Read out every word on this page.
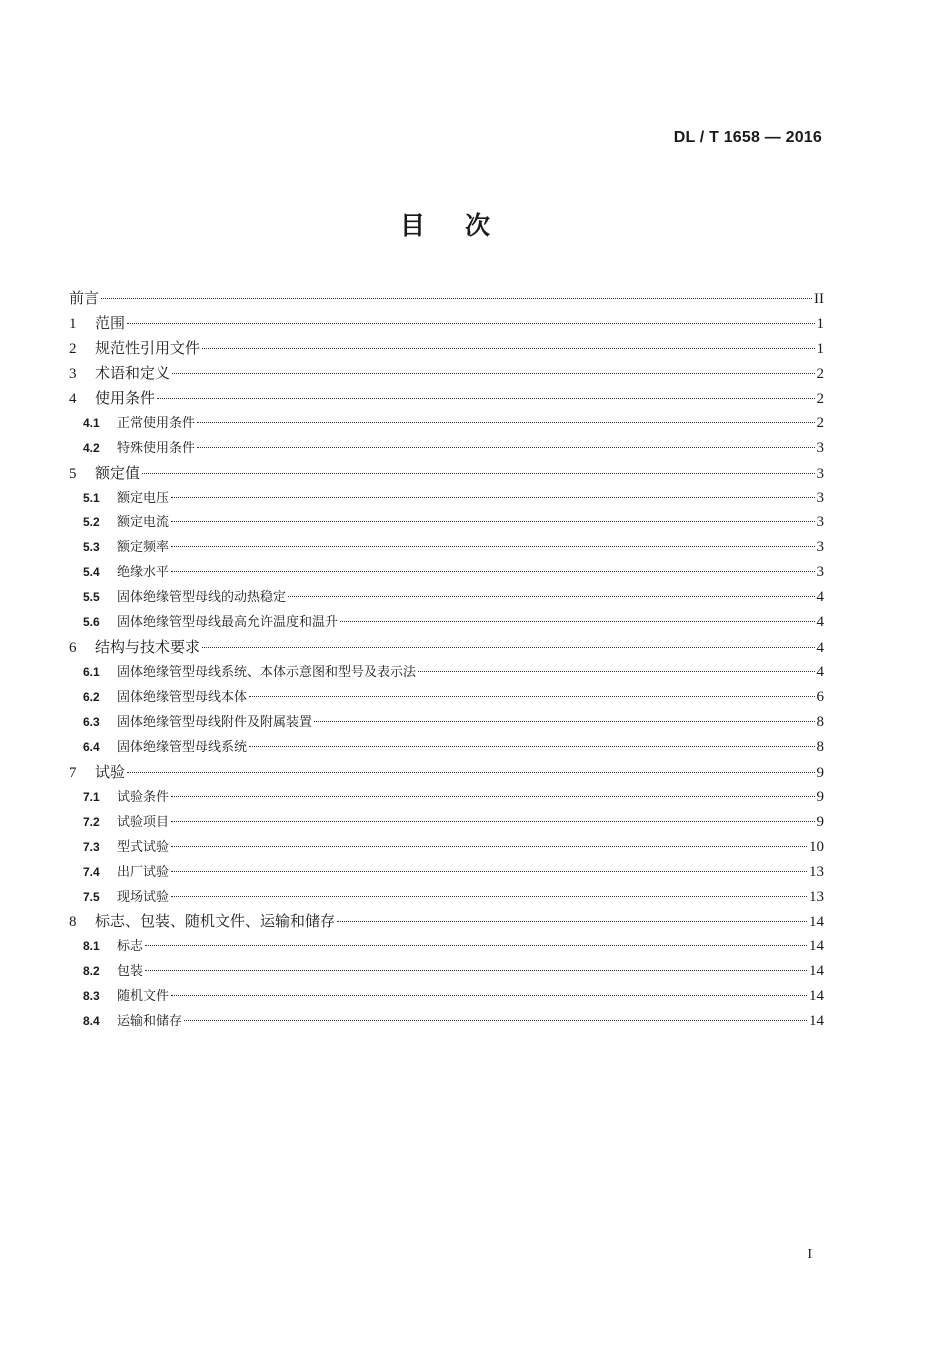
DL / T 1658 — 2016
目次
前言	II
1	范围	1
2	规范性引用文件	1
3	术语和定义	2
4	使用条件	2
4.1	正常使用条件	2
4.2	特殊使用条件	3
5	额定值	3
5.1	额定电压	3
5.2	额定电流	3
5.3	额定频率	3
5.4	绝缘水平	3
5.5	固体绝缘管型母线的动热稳定	4
5.6	固体绝缘管型母线最高允许温度和温升	4
6	结构与技术要求	4
6.1	固体绝缘管型母线系统、本体示意图和型号及表示法	4
6.2	固体绝缘管型母线本体	6
6.3	固体绝缘管型母线附件及附属装置	8
6.4	固体绝缘管型母线系统	8
7	试验	9
7.1	试验条件	9
7.2	试验项目	9
7.3	型式试验	10
7.4	出厂试验	13
7.5	现场试验	13
8	标志、包装、随机文件、运输和储存	14
8.1	标志	14
8.2	包装	14
8.3	随机文件	14
8.4	运输和储存	14
I
